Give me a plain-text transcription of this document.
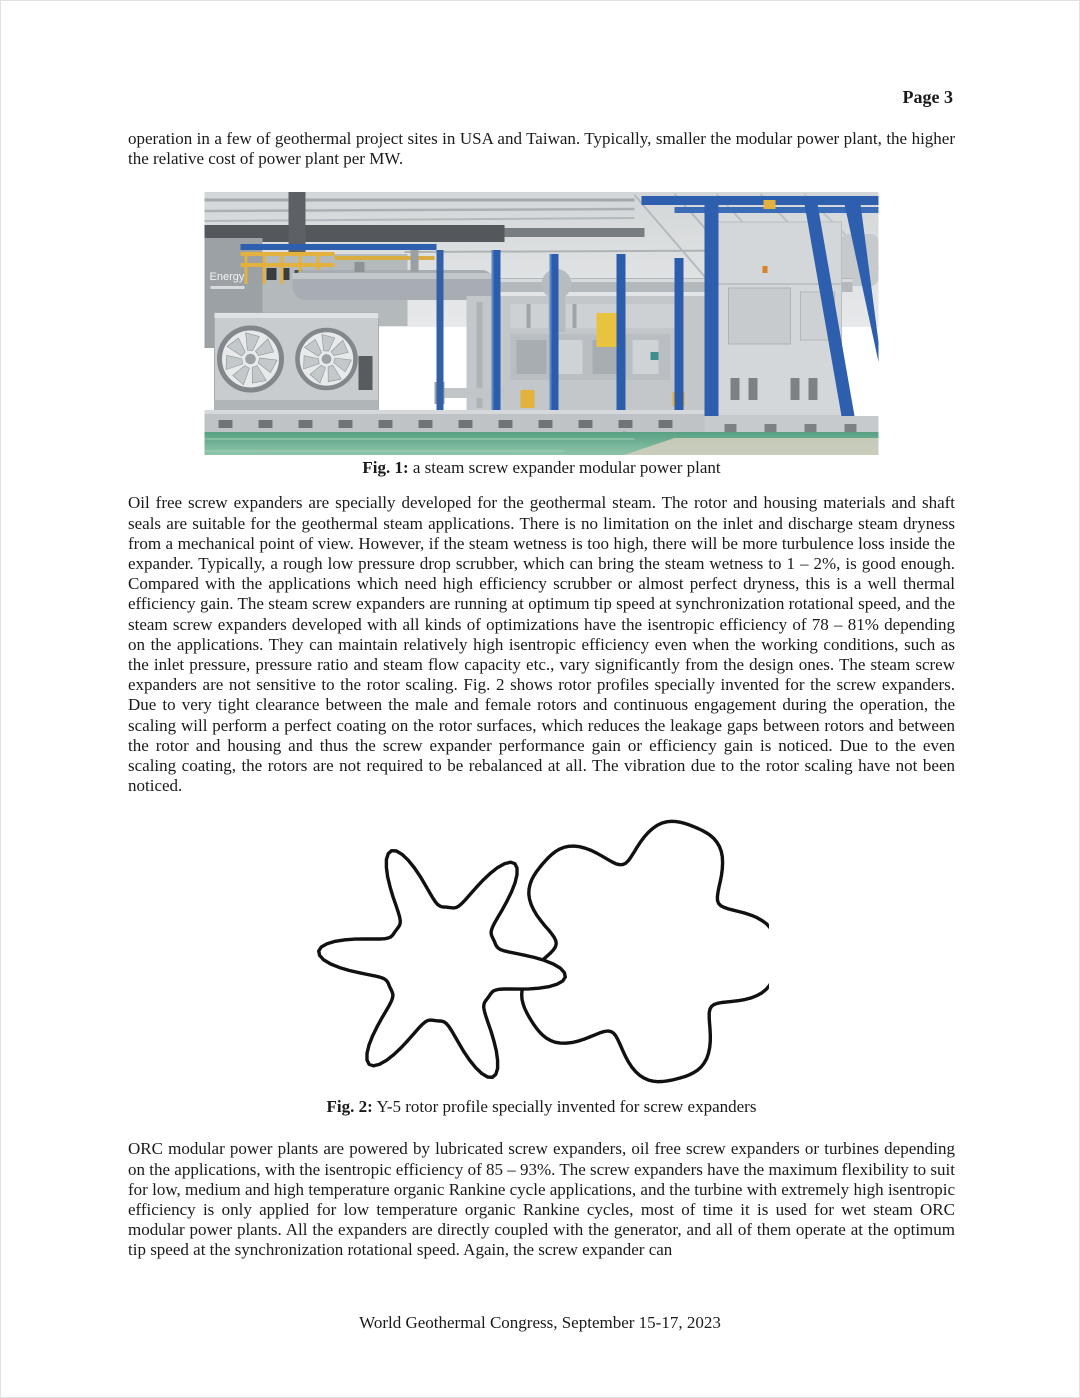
Page 3

operation in a few of geothermal project sites in USA and Taiwan. Typically, smaller the modular power plant, the higher the relative cost of power plant per MW.

Energy
Fig. 1: a steam screw expander modular power plant

Oil free screw expanders are specially developed for the geothermal steam. The rotor and housing materials and shaft seals are suitable for the geothermal steam applications. There is no limitation on the inlet and discharge steam dryness from a mechanical point of view. However, if the steam wetness is too high, there will be more turbulence loss inside the expander. Typically, a rough low pressure drop scrubber, which can bring the steam wetness to 1 – 2%, is good enough. Compared with the applications which need high efficiency scrubber or almost perfect dryness, this is a well thermal efficiency gain. The steam screw expanders are running at optimum tip speed at synchronization rotational speed, and the steam screw expanders developed with all kinds of optimizations have the isentropic efficiency of 78 – 81% depending on the applications. They can maintain relatively high isentropic efficiency even when the working conditions, such as the inlet pressure, pressure ratio and steam flow capacity etc., vary significantly from the design ones. The steam screw expanders are not sensitive to the rotor scaling. Fig. 2 shows rotor profiles specially invented for the screw expanders. Due to very tight clearance between the male and female rotors and continuous engagement during the operation, the scaling will perform a perfect coating on the rotor surfaces, which reduces the leakage gaps between rotors and between the rotor and housing and thus the screw expander performance gain or efficiency gain is noticed. Due to the even scaling coating, the rotors are not required to be rebalanced at all. The vibration due to the rotor scaling have not been noticed.

Fig. 2: Y-5 rotor profile specially invented for screw expanders

ORC modular power plants are powered by lubricated screw expanders, oil free screw expanders or turbines depending on the applications, with the isentropic efficiency of 85 – 93%. The screw expanders have the maximum flexibility to suit for low, medium and high temperature organic Rankine cycle applications, and the turbine with extremely high isentropic efficiency is only applied for low temperature organic Rankine cycles, most of time it is used for wet steam ORC modular power plants. All the expanders are directly coupled with the generator, and all of them operate at the optimum tip speed at the synchronization rotational speed. Again, the screw expander can

World Geothermal Congress, September 15-17, 2023
